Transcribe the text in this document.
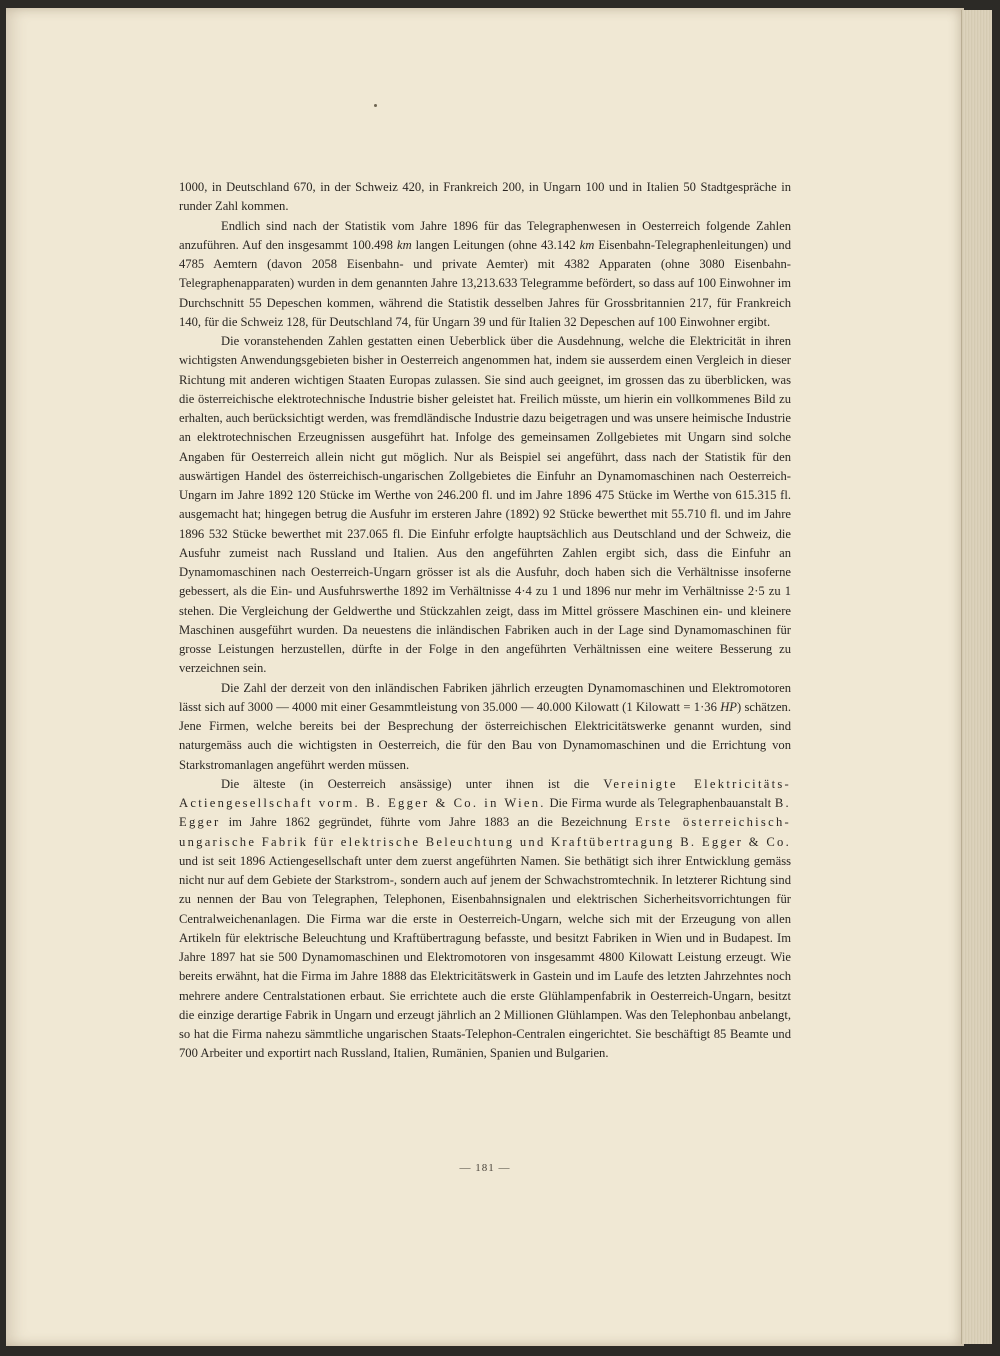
1000, in Deutschland 670, in der Schweiz 420, in Frankreich 200, in Ungarn 100 und in Italien 50 Stadtgespräche in runder Zahl kommen.

Endlich sind nach der Statistik vom Jahre 1896 für das Telegraphenwesen in Oesterreich folgende Zahlen anzuführen. Auf den insgesammt 100.498 km langen Leitungen (ohne 43.142 km Eisenbahn-Telegraphenleitungen) und 4785 Aemtern (davon 2058 Eisenbahn- und private Aemter) mit 4382 Apparaten (ohne 3080 Eisenbahn-Telegraphenapparaten) wurden in dem genannten Jahre 13,213.633 Telegramme befördert, so dass auf 100 Einwohner im Durchschnitt 55 Depeschen kommen, während die Statistik desselben Jahres für Grossbritannien 217, für Frankreich 140, für die Schweiz 128, für Deutschland 74, für Ungarn 39 und für Italien 32 Depeschen auf 100 Einwohner ergibt.

Die voranstehenden Zahlen gestatten einen Ueberblick über die Ausdehnung, welche die Elektricität in ihren wichtigsten Anwendungsgebieten bisher in Oesterreich angenommen hat, indem sie ausserdem einen Vergleich in dieser Richtung mit anderen wichtigen Staaten Europas zulassen. Sie sind auch geeignet, im grossen das zu überblicken, was die österreichische elektrotechnische Industrie bisher geleistet hat. Freilich müsste, um hierin ein vollkommenes Bild zu erhalten, auch berücksichtigt werden, was fremdländische Industrie dazu beigetragen und was unsere heimische Industrie an elektrotechnischen Erzeugnissen ausgeführt hat. Infolge des gemeinsamen Zollgebietes mit Ungarn sind solche Angaben für Oesterreich allein nicht gut möglich. Nur als Beispiel sei angeführt, dass nach der Statistik für den auswärtigen Handel des österreichisch-ungarischen Zollgebietes die Einfuhr an Dynamomaschinen nach Oesterreich-Ungarn im Jahre 1892 120 Stücke im Werthe von 246.200 fl. und im Jahre 1896 475 Stücke im Werthe von 615.315 fl. ausgemacht hat; hingegen betrug die Ausfuhr im ersteren Jahre (1892) 92 Stücke bewerthet mit 55.710 fl. und im Jahre 1896 532 Stücke bewerthet mit 237.065 fl. Die Einfuhr erfolgte hauptsächlich aus Deutschland und der Schweiz, die Ausfuhr zumeist nach Russland und Italien. Aus den angeführten Zahlen ergibt sich, dass die Einfuhr an Dynamomaschinen nach Oesterreich-Ungarn grösser ist als die Ausfuhr, doch haben sich die Verhältnisse insoferne gebessert, als die Ein- und Ausfuhrswerthe 1892 im Verhältnisse 4·4 zu 1 und 1896 nur mehr im Verhältnisse 2·5 zu 1 stehen. Die Vergleichung der Geldwerthe und Stückzahlen zeigt, dass im Mittel grössere Maschinen ein- und kleinere Maschinen ausgeführt wurden. Da neuestens die inländischen Fabriken auch in der Lage sind Dynamomaschinen für grosse Leistungen herzustellen, dürfte in der Folge in den angeführten Verhältnissen eine weitere Besserung zu verzeichnen sein.

Die Zahl der derzeit von den inländischen Fabriken jährlich erzeugten Dynamomaschinen und Elektromotoren lässt sich auf 3000 — 4000 mit einer Gesammtleistung von 35.000 — 40.000 Kilowatt (1 Kilowatt = 1·36 HP) schätzen. Jene Firmen, welche bereits bei der Besprechung der österreichischen Elektricitätswerke genannt wurden, sind naturgemäss auch die wichtigsten in Oesterreich, die für den Bau von Dynamomaschinen und die Errichtung von Starkstromanlagen angeführt werden müssen.

Die älteste (in Oesterreich ansässige) unter ihnen ist die Vereinigte Elektricitäts-Actiengesellschaft vorm. B. Egger & Co. in Wien. Die Firma wurde als Telegraphenbauanstalt B. Egger im Jahre 1862 gegründet, führte vom Jahre 1883 an die Bezeichnung Erste österreichisch-ungarische Fabrik für elektrische Beleuchtung und Kraftübertragung B. Egger & Co. und ist seit 1896 Actiengesellschaft unter dem zuerst angeführten Namen. Sie bethätigt sich ihrer Entwicklung gemäss nicht nur auf dem Gebiete der Starkstrom-, sondern auch auf jenem der Schwachstromtechnik. In letzterer Richtung sind zu nennen der Bau von Telegraphen, Telephonen, Eisenbahnsignalen und elektrischen Sicherheitsvorrichtungen für Centralweichenanlagen. Die Firma war die erste in Oesterreich-Ungarn, welche sich mit der Erzeugung von allen Artikeln für elektrische Beleuchtung und Kraftübertragung befasste, und besitzt Fabriken in Wien und in Budapest. Im Jahre 1897 hat sie 500 Dynamomaschinen und Elektromotoren von insgesammt 4800 Kilowatt Leistung erzeugt. Wie bereits erwähnt, hat die Firma im Jahre 1888 das Elektricitätswerk in Gastein und im Laufe des letzten Jahrzehntes noch mehrere andere Centralstationen erbaut. Sie errichtete auch die erste Glühlampenfabrik in Oesterreich-Ungarn, besitzt die einzige derartige Fabrik in Ungarn und erzeugt jährlich an 2 Millionen Glühlampen. Was den Telephonbau anbelangt, so hat die Firma nahezu sämmtliche ungarischen Staats-Telephon-Centralen eingerichtet. Sie beschäftigt 85 Beamte und 700 Arbeiter und exportirt nach Russland, Italien, Rumänien, Spanien und Bulgarien.

— 181 —
